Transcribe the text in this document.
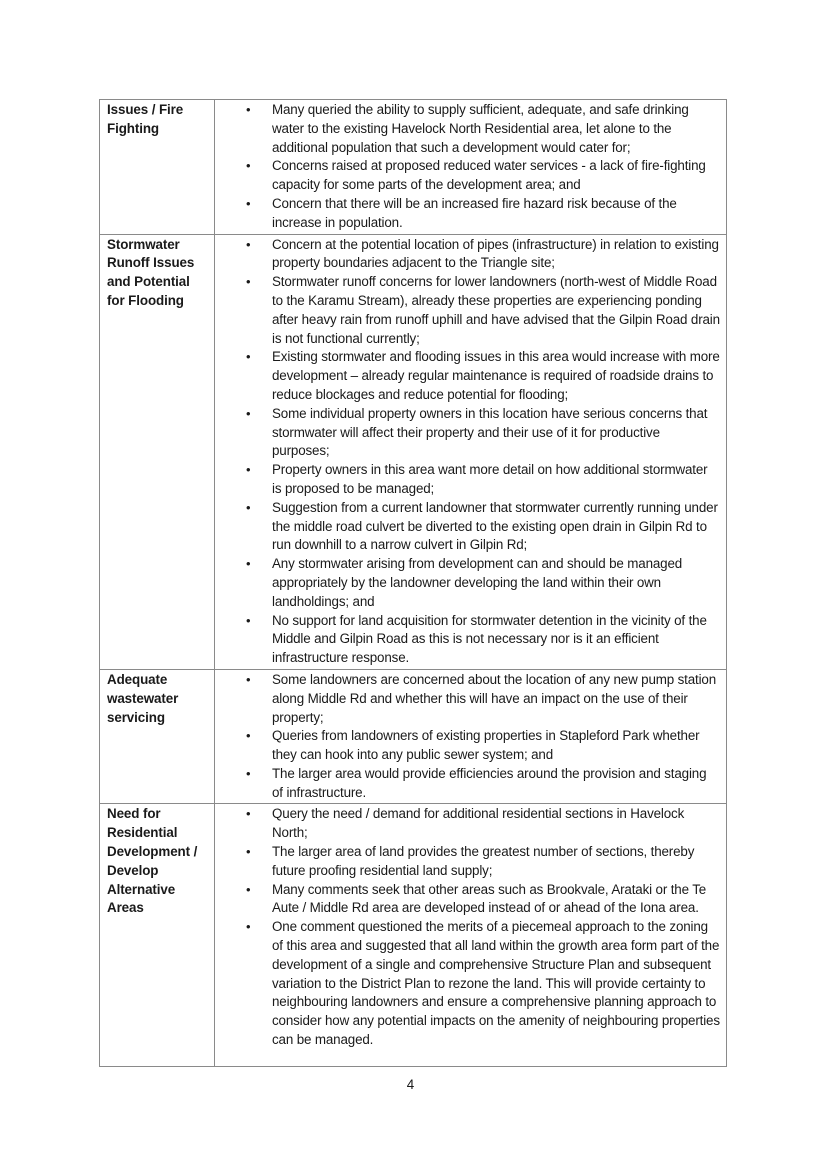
Issues / Fire
Fighting

• Many queried the ability to supply sufficient, adequate, and safe drinking water to the existing Havelock North Residential area, let alone to the additional population that such a development would cater for;
• Concerns raised at proposed reduced water services - a lack of fire-fighting capacity for some parts of the development area; and
• Concern that there will be an increased fire hazard risk because of the increase in population.

Stormwater
Runoff Issues
and Potential
for Flooding

• Concern at the potential location of pipes (infrastructure) in relation to existing property boundaries adjacent to the Triangle site;
• Stormwater runoff concerns for lower landowners (north-west of Middle Road to the Karamu Stream), already these properties are experiencing ponding after heavy rain from runoff uphill and have advised that the Gilpin Road drain is not functional currently;
• Existing stormwater and flooding issues in this area would increase with more development – already regular maintenance is required of roadside drains to reduce blockages and reduce potential for flooding;
• Some individual property owners in this location have serious concerns that stormwater will affect their property and their use of it for productive purposes;
• Property owners in this area want more detail on how additional stormwater is proposed to be managed;
• Suggestion from a current landowner that stormwater currently running under the middle road culvert be diverted to the existing open drain in Gilpin Rd to run downhill to a narrow culvert in Gilpin Rd;
• Any stormwater arising from development can and should be managed appropriately by the landowner developing the land within their own landholdings; and
• No support for land acquisition for stormwater detention in the vicinity of the Middle and Gilpin Road as this is not necessary nor is it an efficient infrastructure response.

Adequate
wastewater
servicing

• Some landowners are concerned about the location of any new pump station along Middle Rd and whether this will have an impact on the use of their property;
• Queries from landowners of existing properties in Stapleford Park whether they can hook into any public sewer system; and
• The larger area would provide efficiencies around the provision and staging of infrastructure.

Need for
Residential
Development /
Develop
Alternative
Areas

• Query the need / demand for additional residential sections in Havelock North;
• The larger area of land provides the greatest number of sections, thereby future proofing residential land supply;
• Many comments seek that other areas such as Brookvale, Arataki or the Te Aute / Middle Rd area are developed instead of or ahead of the Iona area.
• One comment questioned the merits of a piecemeal approach to the zoning of this area and suggested that all land within the growth area form part of the development of a single and comprehensive Structure Plan and subsequent variation to the District Plan to rezone the land. This will provide certainty to neighbouring landowners and ensure a comprehensive planning approach to consider how any potential impacts on the amenity of neighbouring properties can be managed.
4
